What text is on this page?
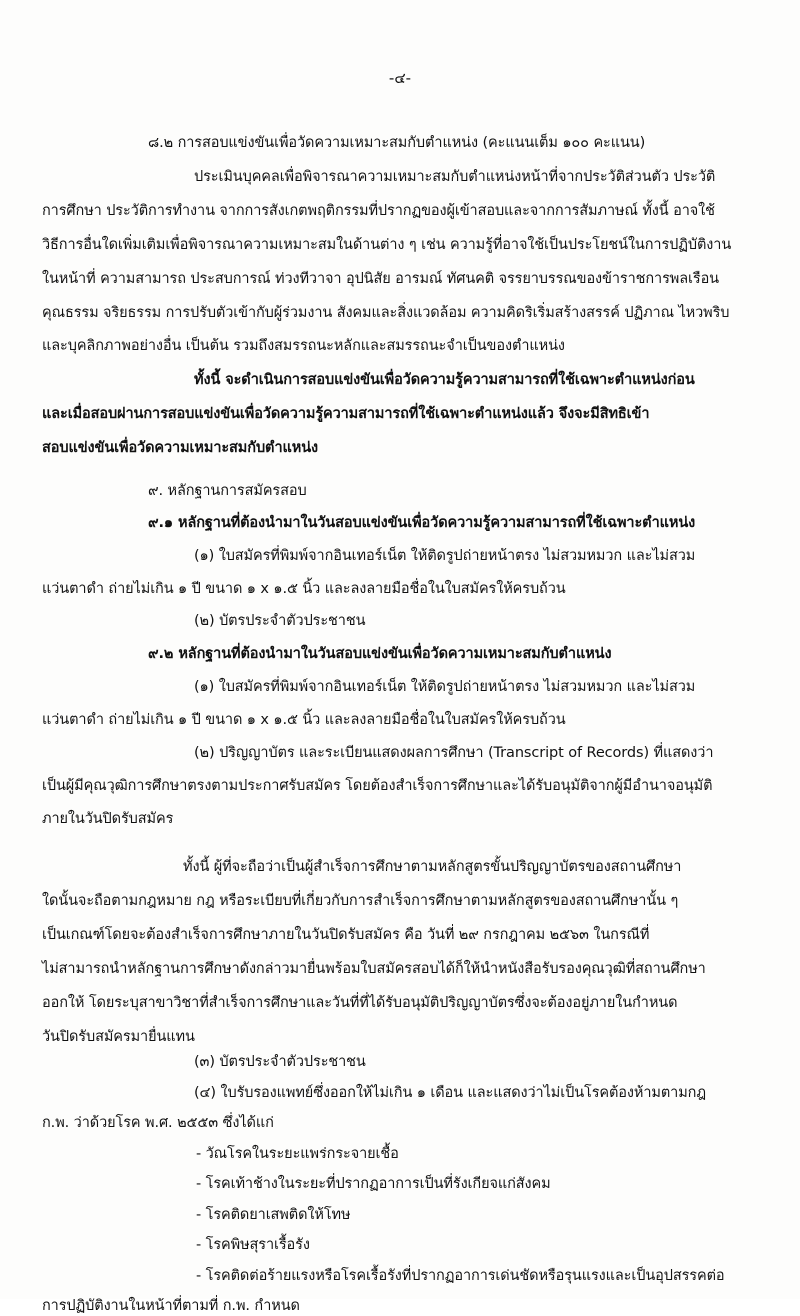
-๔-
๘.๒ การสอบแข่งขันเพื่อวัดความเหมาะสมกับตำแหน่ง (คะแนนเต็ม ๑๐๐ คะแนน)
ประเมินบุคคลเพื่อพิจารณาความเหมาะสมกับตำแหน่งหน้าที่จากประวัติส่วนตัว ประวัติ
การศึกษา ประวัติการทำงาน จากการสังเกตพฤติกรรมที่ปรากฏของผู้เข้าสอบและจากการสัมภาษณ์ ทั้งนี้ อาจใช้
วิธีการอื่นใดเพิ่มเติมเพื่อพิจารณาความเหมาะสมในด้านต่าง ๆ เช่น ความรู้ที่อาจใช้เป็นประโยชน์ในการปฏิบัติงาน
ในหน้าที่ ความสามารถ ประสบการณ์ ท่วงทีวาจา อุปนิสัย อารมณ์ ทัศนคติ จรรยาบรรณของข้าราชการพลเรือน
คุณธรรม จริยธรรม การปรับตัวเข้ากับผู้ร่วมงาน สังคมและสิ่งแวดล้อม ความคิดริเริ่มสร้างสรรค์ ปฏิภาณ ไหวพริบ
และบุคลิกภาพอย่างอื่น เป็นต้น รวมถึงสมรรถนะหลักและสมรรถนะจำเป็นของตำแหน่ง
ทั้งนี้ จะดำเนินการสอบแข่งขันเพื่อวัดความรู้ความสามารถที่ใช้เฉพาะตำแหน่งก่อน
และเมื่อสอบผ่านการสอบแข่งขันเพื่อวัดความรู้ความสามารถที่ใช้เฉพาะตำแหน่งแล้ว จึงจะมีสิทธิเข้า
สอบแข่งขันเพื่อวัดความเหมาะสมกับตำแหน่ง
๙. หลักฐานการสมัครสอบ
๙.๑ หลักฐานที่ต้องนำมาในวันสอบแข่งขันเพื่อวัดความรู้ความสามารถที่ใช้เฉพาะตำแหน่ง
(๑) ใบสมัครที่พิมพ์จากอินเทอร์เน็ต ให้ติดรูปถ่ายหน้าตรง ไม่สวมหมวก และไม่สวม
แว่นตาดำ ถ่ายไม่เกิน ๑ ปี ขนาด ๑ x ๑.๕ นิ้ว และลงลายมือชื่อในใบสมัครให้ครบถ้วน
(๒) บัตรประจำตัวประชาชน
๙.๒ หลักฐานที่ต้องนำมาในวันสอบแข่งขันเพื่อวัดความเหมาะสมกับตำแหน่ง
(๑) ใบสมัครที่พิมพ์จากอินเทอร์เน็ต ให้ติดรูปถ่ายหน้าตรง ไม่สวมหมวก และไม่สวม
แว่นตาดำ ถ่ายไม่เกิน ๑ ปี ขนาด ๑ x ๑.๕ นิ้ว และลงลายมือชื่อในใบสมัครให้ครบถ้วน
(๒) ปริญญาบัตร และระเบียนแสดงผลการศึกษา (Transcript of Records) ที่แสดงว่า
เป็นผู้มีคุณวุฒิการศึกษาตรงตามประกาศรับสมัคร โดยต้องสำเร็จการศึกษาและได้รับอนุมัติจากผู้มีอำนาจอนุมัติ
ภายในวันปิดรับสมัคร
ทั้งนี้ ผู้ที่จะถือว่าเป็นผู้สำเร็จการศึกษาตามหลักสูตรขั้นปริญญาบัตรของสถานศึกษา
ใดนั้นจะถือตามกฎหมาย กฎ หรือระเบียบที่เกี่ยวกับการสำเร็จการศึกษาตามหลักสูตรของสถานศึกษานั้น ๆ
เป็นเกณฑ์โดยจะต้องสำเร็จการศึกษาภายในวันปิดรับสมัคร คือ วันที่ ๒๙ กรกฎาคม ๒๕๖๓ ในกรณีที่
ไม่สามารถนำหลักฐานการศึกษาดังกล่าวมายื่นพร้อมใบสมัครสอบได้ก็ให้นำหนังสือรับรองคุณวุฒิที่สถานศึกษา
ออกให้ โดยระบุสาขาวิชาที่สำเร็จการศึกษาและวันที่ที่ได้รับอนุมัติปริญญาบัตรซึ่งจะต้องอยู่ภายในกำหนด
วันปิดรับสมัครมายื่นแทน
(๓) บัตรประจำตัวประชาชน
(๔) ใบรับรองแพทย์ซึ่งออกให้ไม่เกิน ๑ เดือน และแสดงว่าไม่เป็นโรคต้องห้ามตามกฎ
ก.พ. ว่าด้วยโรค พ.ศ. ๒๕๕๓ ซึ่งได้แก่
- วัณโรคในระยะแพร่กระจายเชื้อ
- โรคเท้าช้างในระยะที่ปรากฏอาการเป็นที่รังเกียจแก่สังคม
- โรคติดยาเสพติดให้โทษ
- โรคพิษสุราเรื้อรัง
- โรคติดต่อร้ายแรงหรือโรคเรื้อรังที่ปรากฏอาการเด่นชัดหรือรุนแรงและเป็นอุปสรรคต่อ
การปฏิบัติงานในหน้าที่ตามที่ ก.พ. กำหนด
